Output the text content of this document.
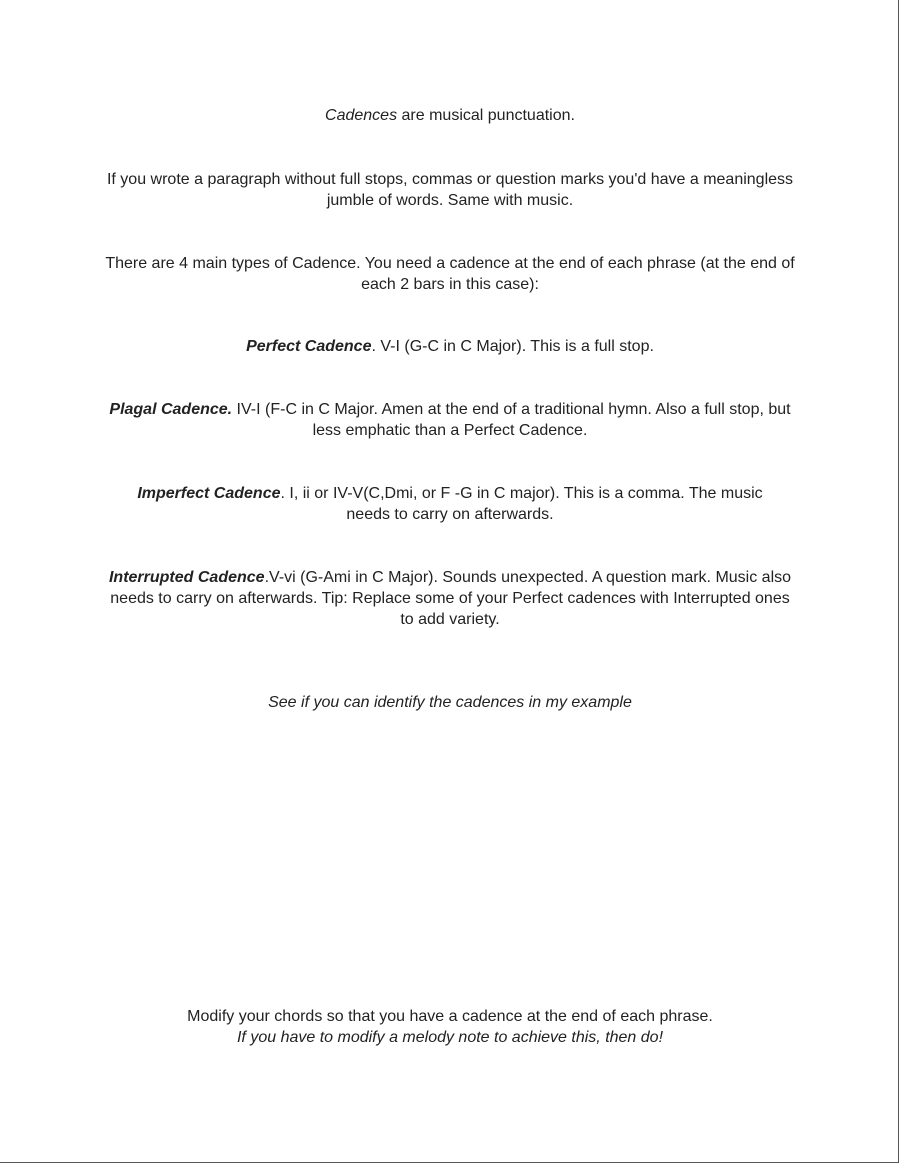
Cadences are musical punctuation.

If you wrote a paragraph without full stops, commas or question marks you'd have a meaningless jumble of words. Same with music.

There are 4 main types of Cadence. You need a cadence at the end of each phrase (at the end of each 2 bars in this case):

Perfect Cadence. V-I (G-C in C Major). This is a full stop.

Plagal Cadence. IV-I (F-C in C Major. Amen at the end of a traditional hymn. Also a full stop, but less emphatic than a Perfect Cadence.

Imperfect Cadence. I, ii or IV-V(C,Dmi, or F -G in C major). This is a comma. The music needs to carry on afterwards.

Interrupted Cadence.V-vi (G-Ami in C Major). Sounds unexpected. A question mark. Music also needs to carry on afterwards. Tip: Replace some of your Perfect cadences with Interrupted ones to add variety.

See if you can identify the cadences in my example

Modify your chords so that you have a cadence at the end of each phrase.
If you have to modify a melody note to achieve this, then do!
